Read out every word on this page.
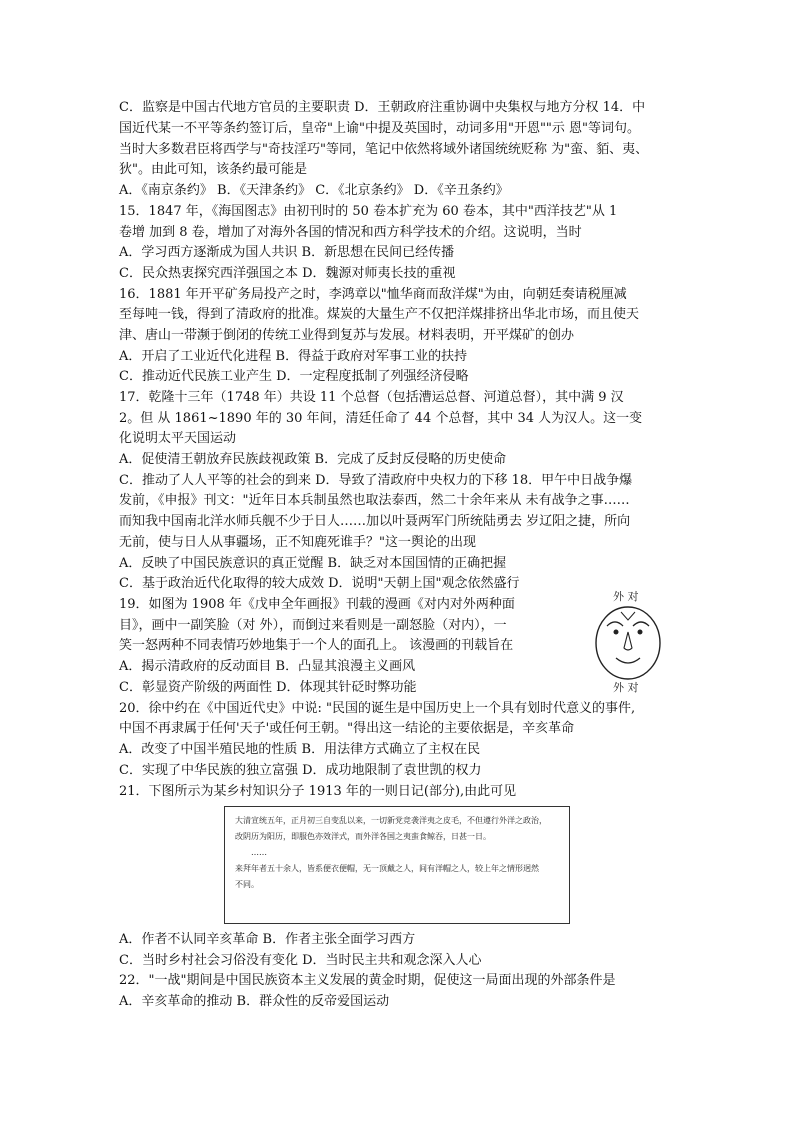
C．监察是中国古代地方官员的主要职责 D．王朝政府注重协调中央集权与地方分权 14．中
国近代某一不平等条约签订后，皇帝"上谕"中提及英国时，动词多用"开恩""示 恩"等词句。
当时大多数君臣将西学与"奇技淫巧"等同，笔记中依然将域外诸国统统贬称 为"蛮、貊、夷、
狄"。由此可知，该条约最可能是
A．《南京条约》 B．《天津条约》 C．《北京条约》 D．《辛丑条约》
15．1847 年，《海国图志》由初刊时的 50 卷本扩充为 60 卷本，其中"西洋技艺"从 1
卷增 加到 8 卷，增加了对海外各国的情况和西方科学技术的介绍。这说明，当时
A．学习西方逐渐成为国人共识 B．新思想在民间已经传播
C．民众热衷探究西洋强国之本 D．魏源对师夷长技的重视
16．1881 年开平矿务局投产之时，李鸿章以"恤华商而敌洋煤"为由，向朝廷奏请税厘减
至每吨一钱，得到了清政府的批准。煤炭的大量生产不仅把洋煤排挤出华北市场，而且使天
津、唐山一带濒于倒闭的传统工业得到复苏与发展。材料表明，开平煤矿的创办
A．开启了工业近代化进程 B．得益于政府对军事工业的扶持
C．推动近代民族工业产生 D．一定程度抵制了列强经济侵略
17．乾隆十三年（1748 年）共设 11 个总督（包括漕运总督、河道总督），其中满 9 汉
2。但 从 1861~1890 年的 30 年间，清廷任命了 44 个总督，其中 34 人为汉人。这一变
化说明太平天国运动
A．促使清王朝放弃民族歧视政策 B．完成了反封反侵略的历史使命
C．推动了人人平等的社会的到来 D．导致了清政府中央权力的下移 18．甲午中日战争爆
发前，《申报》刊文："近年日本兵制虽然也取法泰西，然二十余年来从 未有战争之事……
而知我中国南北洋水师兵舰不少于日人……加以叶聂两军门所统陆勇去 岁辽阳之捷，所向
无前，使与日人从事疆场，正不知鹿死谁手？"这一舆论的出现
A．反映了中国民族意识的真正觉醒 B．缺乏对本国国情的正确把握
C．基于政治近代化取得的较大成效 D．说明"天朝上国"观念依然盛行
19．如图为 1908 年《戊申全年画报》刊载的漫画《对内对外两种面
目》，画中一副笑脸（对 外），而倒过来看则是一副怒脸（对内），一
笑一怒两种不同表情巧妙地集于一个人的面孔上。 该漫画的刊载旨在
A．揭示清政府的反动面目 B．凸显其浪漫主义画风
C．彰显资产阶级的两面性 D．体现其针砭时弊功能
外 对
外 对
20．徐中约在《中国近代史》中说: "民国的诞生是中国历史上一个具有划时代意义的事件,
中国不再隶属于任何'天子'或任何王朝。"得出这一结论的主要依据是，辛亥革命
A．改变了中国半殖民地的性质 B．用法律方式确立了主权在民
C．实现了中华民族的独立富强 D．成功地限制了袁世凯的权力
21．下图所示为某乡村知识分子 1913 年的一则日记(部分),由此可见

大清宣统五年，正月初三自变乱以来，一切新党竞袭洋夷之皮毛，不但遵行外洋之政治，

改阴历为阳历，即服色亦效洋式，而外洋各国之夷蛮食鲸吞，日甚一日。

……

来拜年者五十余人，皆系便衣便帽，无一顶戴之人，间有洋帽之人，较上年之情形迥然

不同。

A．作者不认同辛亥革命 B．作者主张全面学习西方
C．当时乡村社会习俗没有变化 D．当时民主共和观念深入人心
22．"一战"期间是中国民族资本主义发展的黄金时期，促使这一局面出现的外部条件是
A．辛亥革命的推动 B．群众性的反帝爱国运动
